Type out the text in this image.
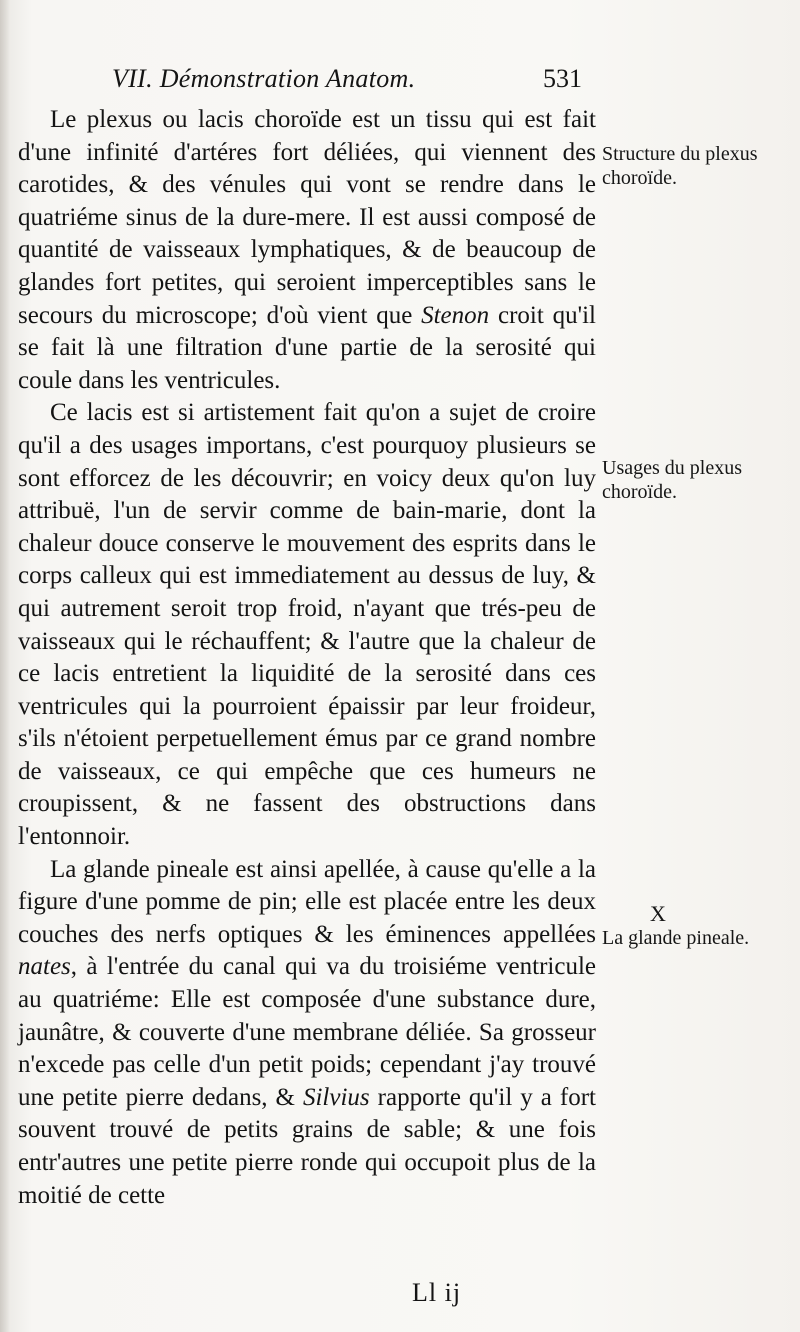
VII. Démonstration Anatom.	531

Le plexus ou lacis choroïde est un tissu qui est fait d'une infinité d'artéres fort déliées, qui viennent des carotides, & des vénules qui vont se rendre dans le quatriéme sinus de la dure-mere. Il est aussi composé de quantité de vaisseaux lymphatiques, & de beaucoup de glandes fort petites, qui seroient imperceptibles sans le secours du microscope; d'où vient que Stenon croit qu'il se fait là une filtration d'une partie de la serosité qui coule dans les ventricules.

Ce lacis est si artistement fait qu'on a sujet de croire qu'il a des usages importans, c'est pourquoy plusieurs se sont efforcez de les découvrir; en voicy deux qu'on luy attribuë, l'un de servir comme de bain-marie, dont la chaleur douce conserve le mouvement des esprits dans le corps calleux qui est immediatement au dessus de luy, & qui autrement seroit trop froid, n'ayant que trés-peu de vaisseaux qui le réchauffent; & l'autre que la chaleur de ce lacis entretient la liquidité de la serosité dans ces ventricules qui la pourroient épaissir par leur froideur, s'ils n'étoient perpetuellement émus par ce grand nombre de vaisseaux, ce qui empêche que ces humeurs ne croupissent, & ne fassent des obstructions dans l'entonnoir.

La glande pineale est ainsi apellée, à cause qu'elle a la figure d'une pomme de pin; elle est placée entre les deux couches des nerfs optiques & les éminences appellées nates, à l'entrée du canal qui va du troisiéme ventricule au quatriéme: Elle est composée d'une substance dure, jaunâtre, & couverte d'une membrane déliée. Sa grosseur n'excede pas celle d'un petit poids; cependant j'ay trouvé une petite pierre dedans, & Silvius rapporte qu'il y a fort souvent trouvé de petits grains de sable; & une fois entr'autres une petite pierre ronde qui occupoit plus de la moitié de cette

Structure du plexus choroïde.
Usages du plexus choroïde.
X
La glande pineale.
Ll ij
